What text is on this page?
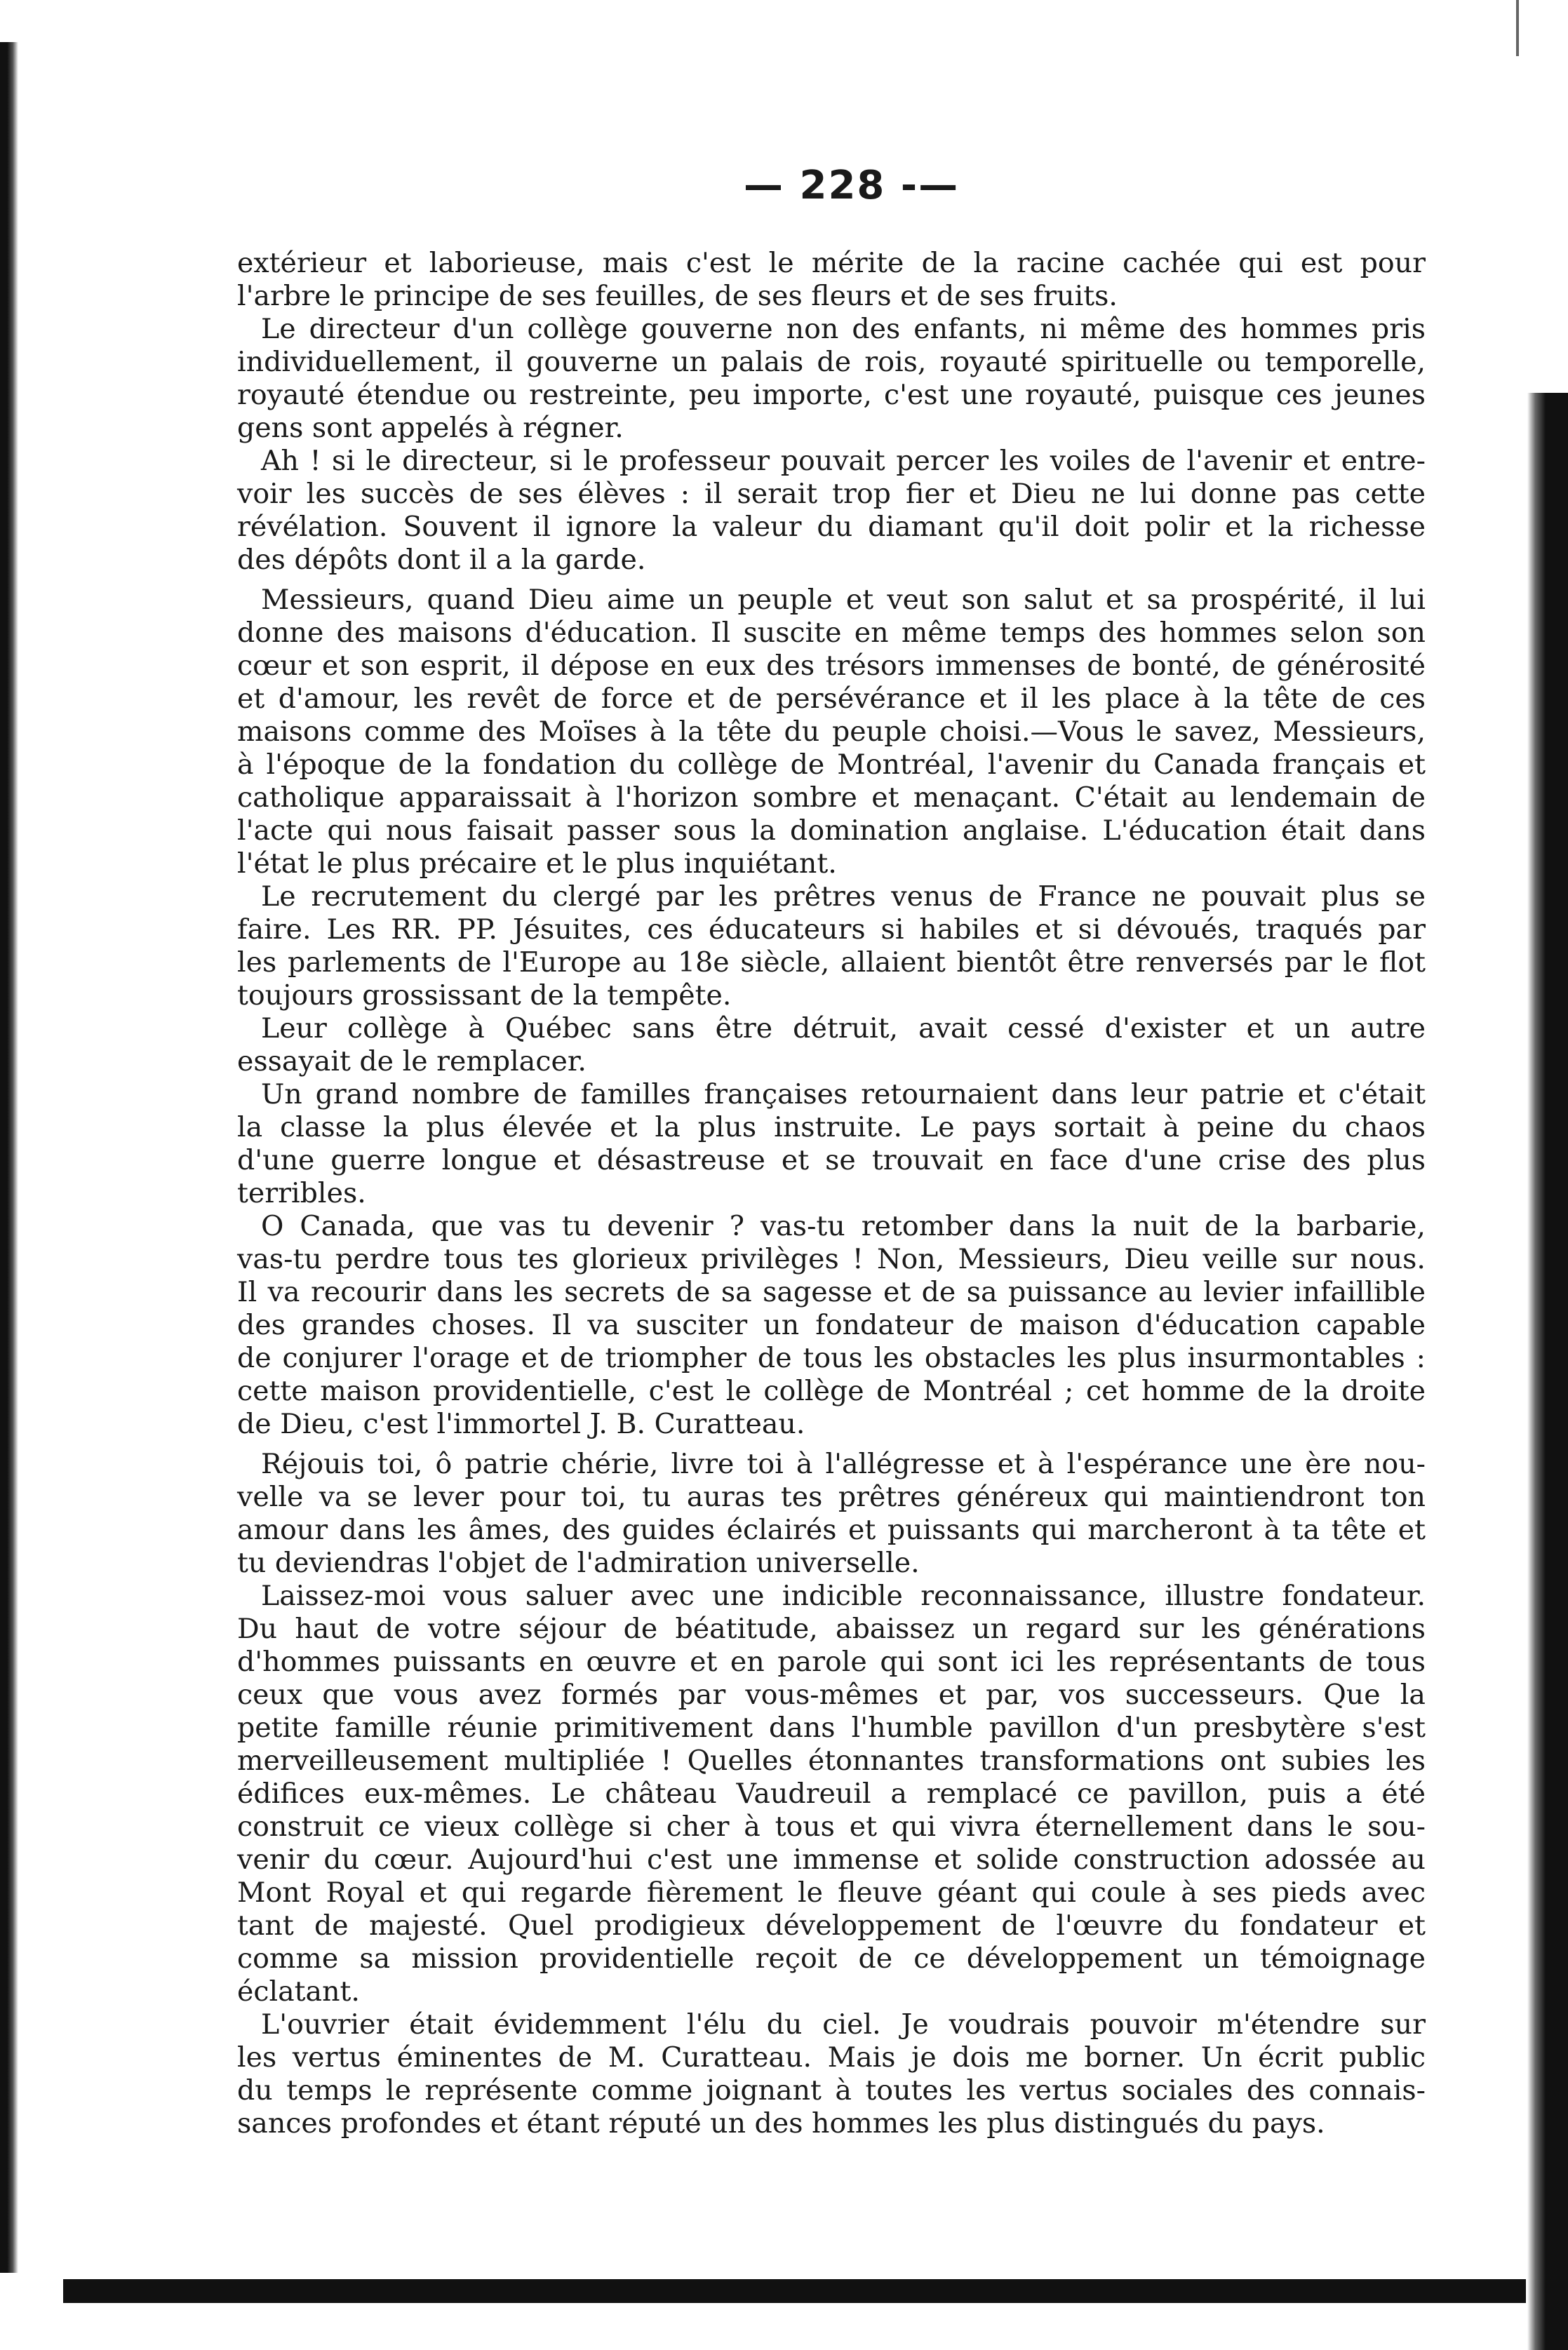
— 228 -—

extérieur et laborieuse, mais c'est le mérite de la racine cachée qui est pour

l'arbre le principe de ses feuilles, de ses fleurs et de ses fruits.

Le directeur d'un collège gouverne non des enfants, ni même des hommes pris

individuellement, il gouverne un palais de rois, royauté spirituelle ou temporelle,

royauté étendue ou restreinte, peu importe, c'est une royauté, puisque ces jeunes

gens sont appelés à régner.

Ah ! si le directeur, si le professeur pouvait percer les voiles de l'avenir et entre-

voir les succès de ses élèves : il serait trop fier et Dieu ne lui donne pas cette

révélation. Souvent il ignore la valeur du diamant qu'il doit polir et la richesse

des dépôts dont il a la garde.

Messieurs, quand Dieu aime un peuple et veut son salut et sa prospérité, il lui

donne des maisons d'éducation. Il suscite en même temps des hommes selon son

cœur et son esprit, il dépose en eux des trésors immenses de bonté, de générosité

et d'amour, les revêt de force et de persévérance et il les place à la tête de ces

maisons comme des Moïses à la tête du peuple choisi.—Vous le savez, Messieurs,

à l'époque de la fondation du collège de Montréal, l'avenir du Canada français et

catholique apparaissait à l'horizon sombre et menaçant. C'était au lendemain de

l'acte qui nous faisait passer sous la domination anglaise. L'éducation était dans

l'état le plus précaire et le plus inquiétant.

Le recrutement du clergé par les prêtres venus de France ne pouvait plus se

faire. Les RR. PP. Jésuites, ces éducateurs si habiles et si dévoués, traqués par

les parlements de l'Europe au 18e siècle, allaient bientôt être renversés par le flot

toujours grossissant de la tempête.

Leur collège à Québec sans être détruit, avait cessé d'exister et un autre

essayait de le remplacer.

Un grand nombre de familles françaises retournaient dans leur patrie et c'était

la classe la plus élevée et la plus instruite. Le pays sortait à peine du chaos

d'une guerre longue et désastreuse et se trouvait en face d'une crise des plus

terribles.

O Canada, que vas tu devenir ? vas-tu retomber dans la nuit de la barbarie,

vas-tu perdre tous tes glorieux privilèges ! Non, Messieurs, Dieu veille sur nous.

Il va recourir dans les secrets de sa sagesse et de sa puissance au levier infaillible

des grandes choses. Il va susciter un fondateur de maison d'éducation capable

de conjurer l'orage et de triompher de tous les obstacles les plus insurmontables :

cette maison providentielle, c'est le collège de Montréal ; cet homme de la droite

de Dieu, c'est l'immortel J. B. Curatteau.

Réjouis toi, ô patrie chérie, livre toi à l'allégresse et à l'espérance une ère nou-

velle va se lever pour toi, tu auras tes prêtres généreux qui maintiendront ton

amour dans les âmes, des guides éclairés et puissants qui marcheront à ta tête et

tu deviendras l'objet de l'admiration universelle.

Laissez-moi vous saluer avec une indicible reconnaissance, illustre fondateur.

Du haut de votre séjour de béatitude, abaissez un regard sur les générations

d'hommes puissants en œuvre et en parole qui sont ici les représentants de tous

ceux que vous avez formés par vous-mêmes et par, vos successeurs. Que la

petite famille réunie primitivement dans l'humble pavillon d'un presbytère s'est

merveilleusement multipliée ! Quelles étonnantes transformations ont subies les

édifices eux-mêmes. Le château Vaudreuil a remplacé ce pavillon, puis a été

construit ce vieux collège si cher à tous et qui vivra éternellement dans le sou-

venir du cœur. Aujourd'hui c'est une immense et solide construction adossée au

Mont Royal et qui regarde fièrement le fleuve géant qui coule à ses pieds avec

tant de majesté. Quel prodigieux développement de l'œuvre du fondateur et

comme sa mission providentielle reçoit de ce développement un témoignage

éclatant.

L'ouvrier était évidemment l'élu du ciel. Je voudrais pouvoir m'étendre sur

les vertus éminentes de M. Curatteau. Mais je dois me borner. Un écrit public

du temps le représente comme joignant à toutes les vertus sociales des connais-

sances profondes et étant réputé un des hommes les plus distingués du pays.
